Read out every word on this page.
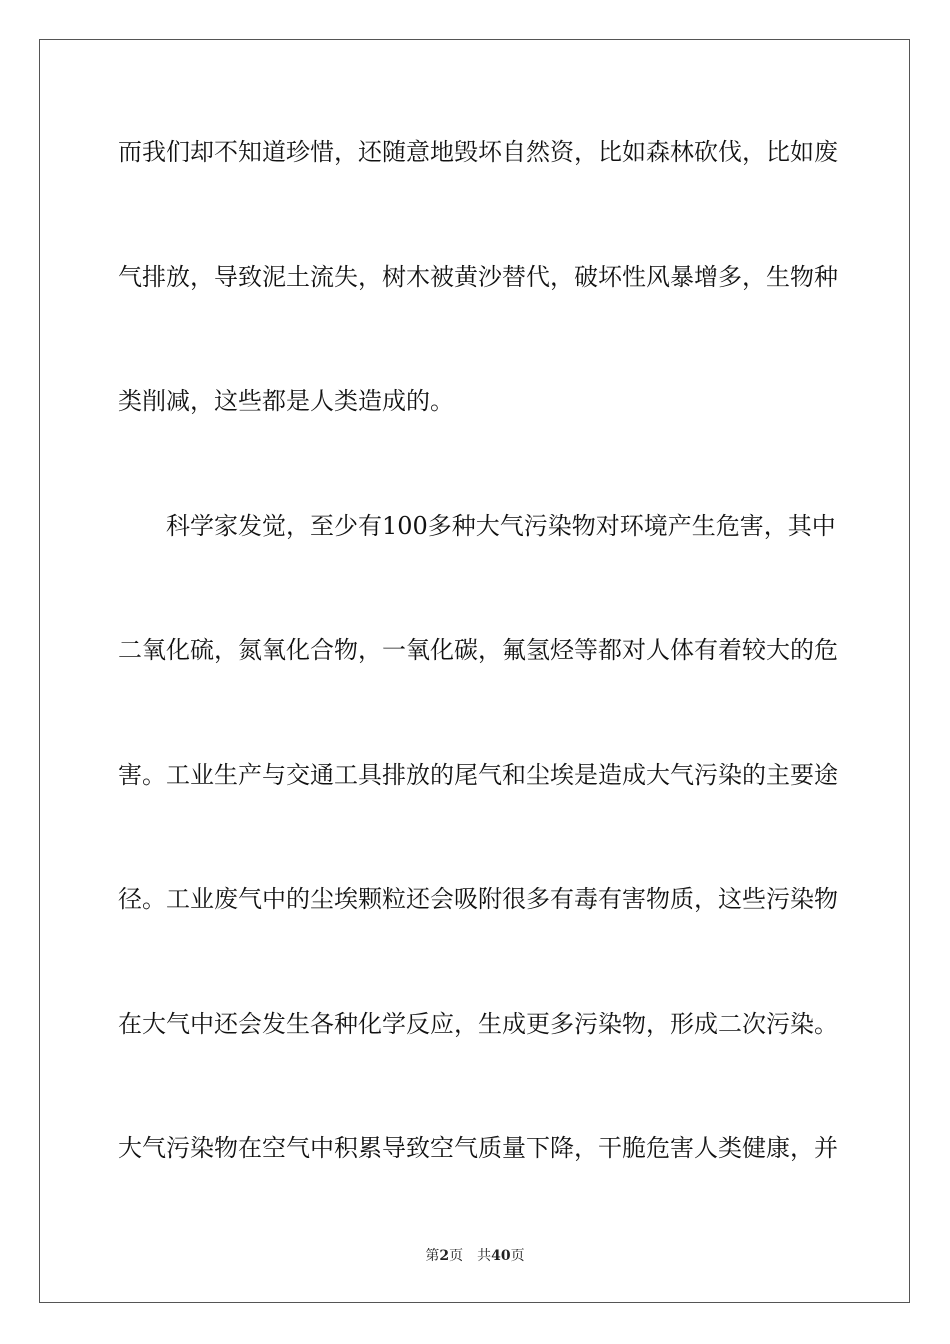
而我们却不知道珍惜，还随意地毁坏自然资，比如森林砍伐，比如废
气排放，导致泥土流失，树木被黄沙替代，破坏性风暴增多，生物种
类削减，这些都是人类造成的。
科学家发觉，至少有100多种大气污染物对环境产生危害，其中
二氧化硫，氮氧化合物，一氧化碳，氟氢烃等都对人体有着较大的危
害。工业生产与交通工具排放的尾气和尘埃是造成大气污染的主要途
径。工业废气中的尘埃颗粒还会吸附很多有毒有害物质，这些污染物
在大气中还会发生各种化学反应，生成更多污染物，形成二次污染。
大气污染物在空气中积累导致空气质量下降，干脆危害人类健康，并
第2页 共40页
